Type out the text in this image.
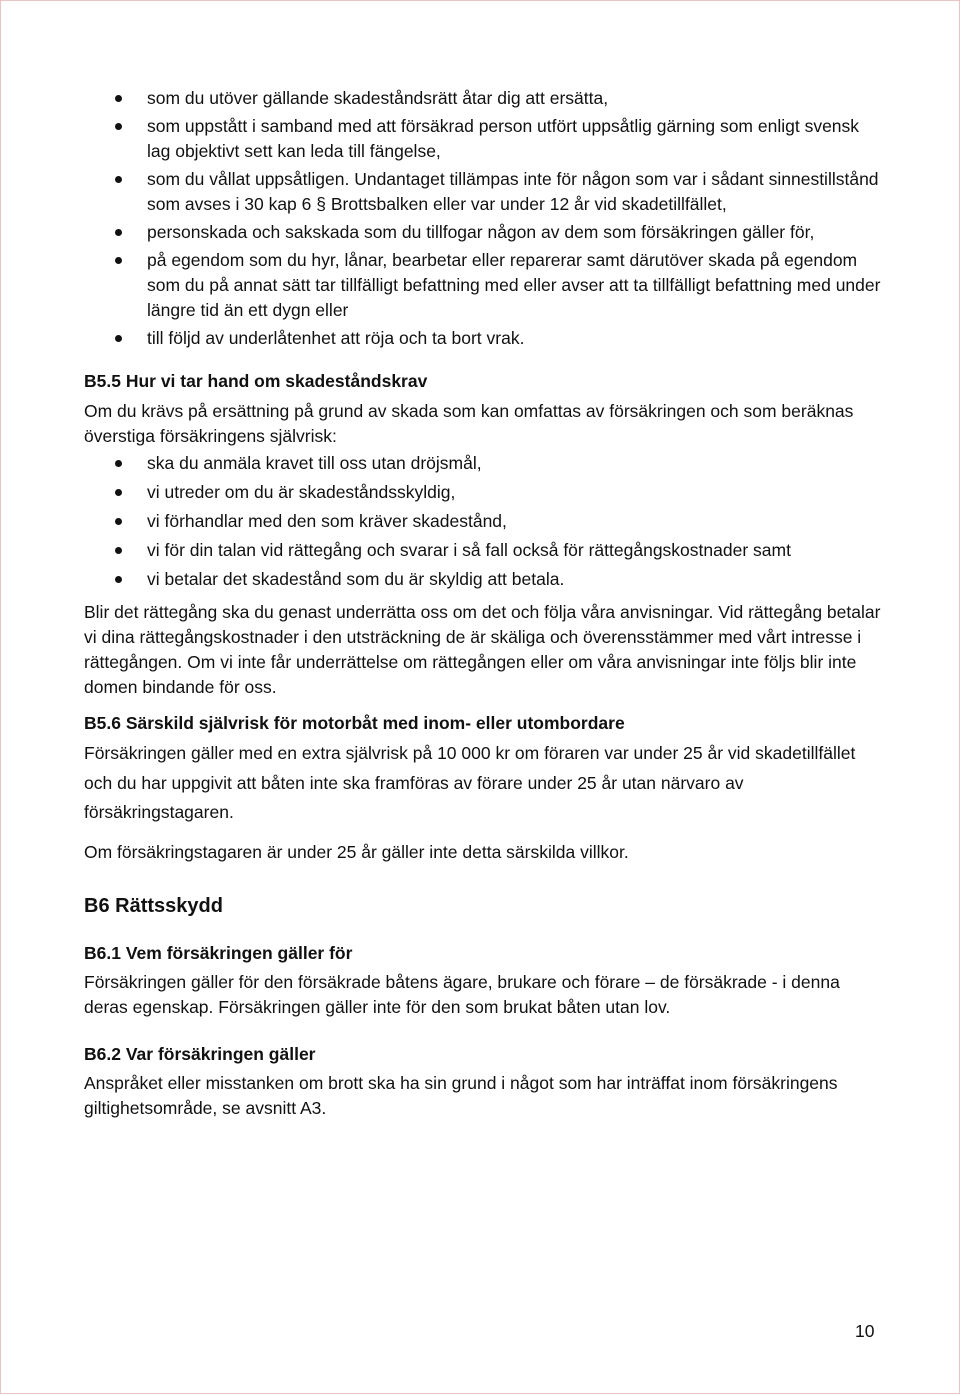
som du utöver gällande skadeståndsrätt åtar dig att ersätta,
som uppstått i samband med att försäkrad person utfört uppsåtlig gärning som enligt svensk lag objektivt sett kan leda till fängelse,
som du vållat uppsåtligen. Undantaget tillämpas inte för någon som var i sådant sinnestillstånd som avses i 30 kap 6 § Brottsbalken eller var under 12 år vid skadetillfället,
personskada och sakskada som du tillfogar någon av dem som försäkringen gäller för,
på egendom som du hyr, lånar, bearbetar eller reparerar samt därutöver skada på egendom som du på annat sätt tar tillfälligt befattning med eller avser att ta tillfälligt befattning med under längre tid än ett dygn eller
till följd av underlåtenhet att röja och ta bort vrak.
B5.5 Hur vi tar hand om skadeståndskrav

Om du krävs på ersättning på grund av skada som kan omfattas av försäkringen och som beräknas överstiga försäkringens självrisk:

ska du anmäla kravet till oss utan dröjsmål,
vi utreder om du är skadeståndsskyldig,
vi förhandlar med den som kräver skadestånd,
vi för din talan vid rättegång och svarar i så fall också för rättegångskostnader samt
vi betalar det skadestånd som du är skyldig att betala.

Blir det rättegång ska du genast underrätta oss om det och följa våra anvisningar. Vid rättegång betalar vi dina rättegångskostnader i den utsträckning de är skäliga och överensstämmer med vårt intresse i rättegången. Om vi inte får underrättelse om rättegången eller om våra anvisningar inte följs blir inte domen bindande för oss.

B5.6 Särskild självrisk för motorbåt med inom- eller utombordare

Försäkringen gäller med en extra självrisk på 10 000 kr om föraren var under 25 år vid skadetillfället och du har uppgivit att båten inte ska framföras av förare under 25 år utan närvaro av försäkringstagaren.

Om försäkringstagaren är under 25 år gäller inte detta särskilda villkor.

B6 Rättsskydd
B6.1 Vem försäkringen gäller för

Försäkringen gäller för den försäkrade båtens ägare, brukare och förare – de försäkrade - i denna deras egenskap. Försäkringen gäller inte för den som brukat båten utan lov.

B6.2 Var försäkringen gäller

Anspråket eller misstanken om brott ska ha sin grund i något som har inträffat inom försäkringens giltighetsområde, se avsnitt A3.

10
